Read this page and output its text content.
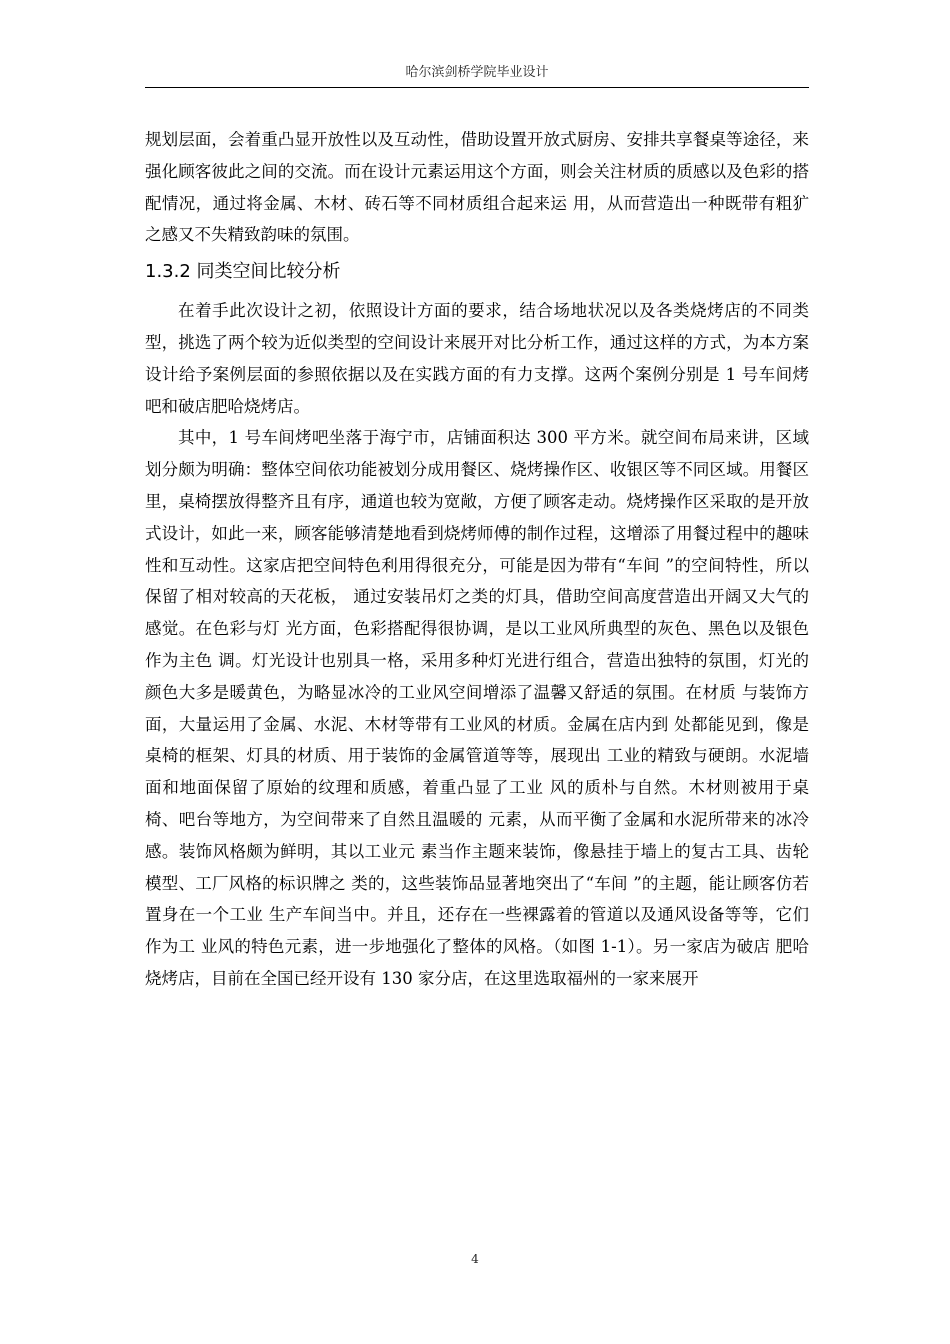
哈尔滨剑桥学院毕业设计

规划层面，会着重凸显开放性以及互动性，借助设置开放式厨房、安排共享餐桌等途径，来强化顾客彼此之间的交流。而在设计元素运用这个方面，则会关注材质的质感以及色彩的搭配情况，通过将金属、木材、砖石等不同材质组合起来运 用，从而营造出一种既带有粗犷之感又不失精致韵味的氛围。

1.3.2 同类空间比较分析

在着手此次设计之初，依照设计方面的要求，结合场地状况以及各类烧烤店的不同类型，挑选了两个较为近似类型的空间设计来展开对比分析工作，通过这样的方式，为本方案设计给予案例层面的参照依据以及在实践方面的有力支撑。这两个案例分别是 1 号车间烤吧和破店肥哈烧烤店。

其中，1 号车间烤吧坐落于海宁市，店铺面积达 300 平方米。就空间布局来讲，区域划分颇为明确：整体空间依功能被划分成用餐区、烧烤操作区、收银区等不同区域。用餐区里，桌椅摆放得整齐且有序，通道也较为宽敞，方便了顾客走动。烧烤操作区采取的是开放式设计，如此一来，顾客能够清楚地看到烧烤师傅的制作过程，这增添了用餐过程中的趣味性和互动性。这家店把空间特色利用得很充分，可能是因为带有“车间 ”的空间特性，所以保留了相对较高的天花板， 通过安装吊灯之类的灯具，借助空间高度营造出开阔又大气的感觉。在色彩与灯 光方面，色彩搭配得很协调，是以工业风所典型的灰色、黑色以及银色作为主色 调。灯光设计也别具一格，采用多种灯光进行组合，营造出独特的氛围，灯光的 颜色大多是暖黄色，为略显冰冷的工业风空间增添了温馨又舒适的氛围。在材质 与装饰方面，大量运用了金属、水泥、木材等带有工业风的材质。金属在店内到 处都能见到，像是桌椅的框架、灯具的材质、用于装饰的金属管道等等，展现出 工业的精致与硬朗。水泥墙面和地面保留了原始的纹理和质感，着重凸显了工业 风的质朴与自然。木材则被用于桌椅、吧台等地方，为空间带来了自然且温暖的 元素，从而平衡了金属和水泥所带来的冰冷感。装饰风格颇为鲜明，其以工业元 素当作主题来装饰，像悬挂于墙上的复古工具、齿轮模型、工厂风格的标识牌之 类的，这些装饰品显著地突出了“车间 ”的主题，能让顾客仿若置身在一个工业 生产车间当中。并且，还存在一些裸露着的管道以及通风设备等等，它们作为工 业风的特色元素，进一步地强化了整体的风格。（如图 1-1）。另一家店为破店 肥哈烧烤店，目前在全国已经开设有 130 家分店，在这里选取福州的一家来展开

4
